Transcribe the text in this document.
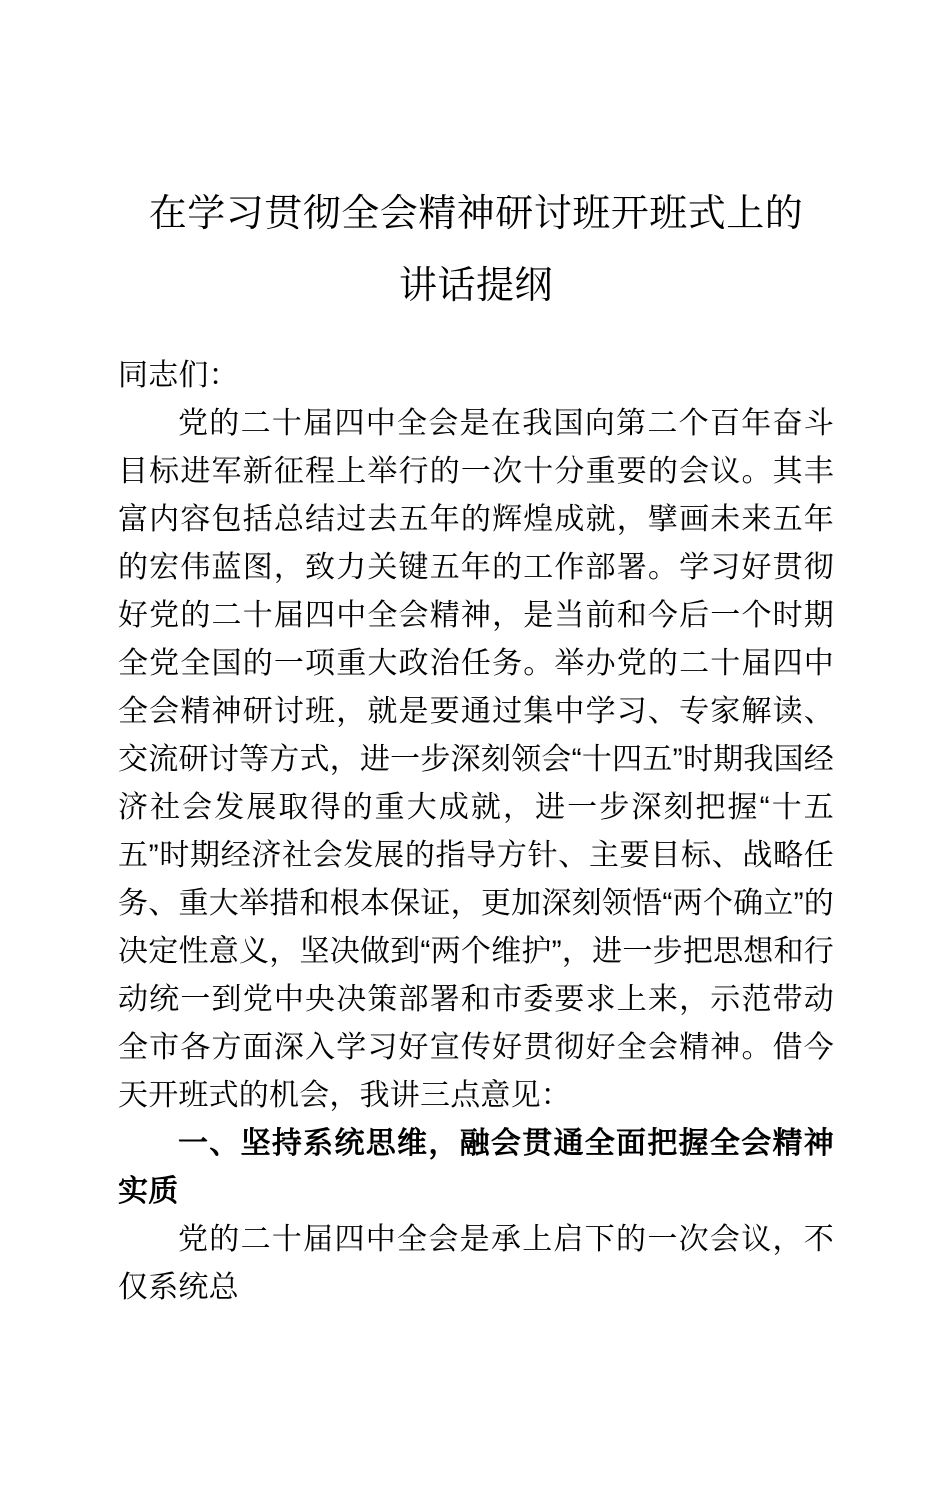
在学习贯彻全会精神研讨班开班式上的
讲话提纲

同志们：

党的二十届四中全会是在我国向第二个百年奋斗目标进军新征程上举行的一次十分重要的会议。其丰富内容包括总结过去五年的辉煌成就，擘画未来五年的宏伟蓝图，致力关键五年的工作部署。学习好贯彻好党的二十届四中全会精神，是当前和今后一个时期全党全国的一项重大政治任务。举办党的二十届四中全会精神研讨班，就是要通过集中学习、专家解读、交流研讨等方式，进一步深刻领会“十四五”时期我国经济社会发展取得的重大成就，进一步深刻把握“十五五”时期经济社会发展的指导方针、主要目标、战略任务、重大举措和根本保证，更加深刻领悟“两个确立”的决定性意义，坚决做到“两个维护”，进一步把思想和行动统一到党中央决策部署和市委要求上来，示范带动全市各方面深入学习好宣传好贯彻好全会精神。借今天开班式的机会，我讲三点意见：

一、坚持系统思维，融会贯通全面把握全会精神实质

党的二十届四中全会是承上启下的一次会议，不仅系统总
